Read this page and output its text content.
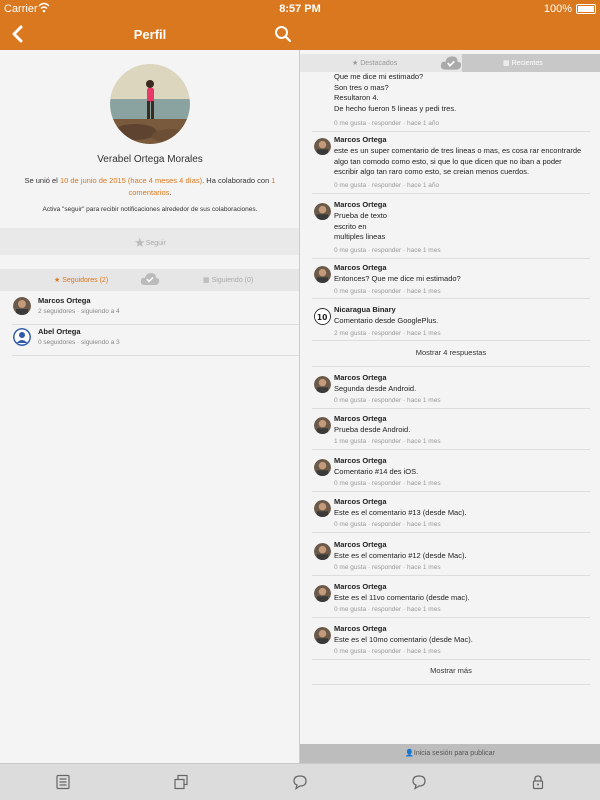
Carrier	8:57 PM	100%
Perfil
Verabel Ortega Morales
Se unió el 10 de junio de 2015 (hace 4 meses 4 días). Ha colaborado con 1 comentarios.
Activa "seguir" para recibir notificaciones alrededor de sus colaboraciones.
★Seguir
★ Seguidores (2)	▦ Siguiendo (0)
Marcos Ortega
2 seguidores · siguiendo a 4
Abel Ortega
0 seguidores · siguiendo a 3
★ Destacados	▦ Recientes
Que me dice mi estimado?
Son tres o mas?
Resultaron 4.
De hecho fueron 5 lineas y pedi tres.
0 me gusta · responder · hace 1 año
Marcos Ortega
este es un super comentario de tres lineas o mas, es cosa rar encontrarde
algo tan comodo como esto, si que lo que dicen que no iban a poder
escribir algo tan raro como esto, se creian menos cuerdos.
0 me gusta · responder · hace 1 año
Marcos Ortega
Prueba de texto
escrito en
multiples lineas
0 me gusta · responder · hace 1 mes
Marcos Ortega
Entonces? Que me dice mi estimado?
0 me gusta · responder · hace 1 mes
10
Nicaragua Binary
Comentario desde GooglePlus.
2 me gusta · responder · hace 1 mes
Mostrar 4 respuestas
Marcos Ortega
Segunda desde Android.
0 me gusta · responder · hace 1 mes
Marcos Ortega
Prueba desde Android.
1 me gusta · responder · hace 1 mes
Marcos Ortega
Comentario #14 des iOS.
0 me gusta · responder · hace 1 mes
Marcos Ortega
Este es el comentario #13 (desde Mac).
0 me gusta · responder · hace 1 mes
Marcos Ortega
Este es el comentario #12 (desde Mac).
0 me gusta · responder · hace 1 mes
Marcos Ortega
Este es el 11vo comentario (desde mac).
0 me gusta · responder · hace 1 mes
Marcos Ortega
Este es el 10mo comentario (desde Mac).
0 me gusta · responder · hace 1 mes
Mostrar más
👤Inicia sesión para publicar
